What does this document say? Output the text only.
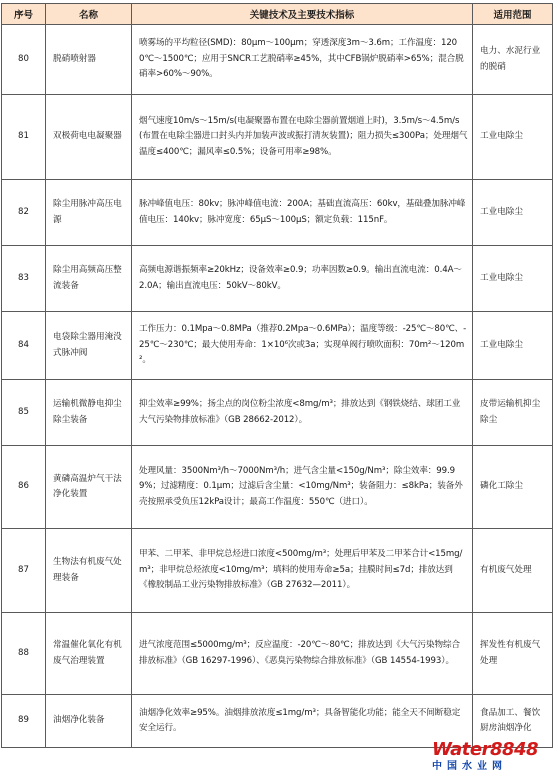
序号	名称	关键技术及主要技术指标	适用范围
80	脱硝喷射器	喷雾场的平均粒径(SMD)：80μm～100μm；穿透深度3m～3.6m；工作温度：1200℃～1500℃；应用于SNCR工艺脱硝率≥45%，其中CFB锅炉脱硝率>65%；混合脱硝率>60%～90%。	电力、水泥行业的脱硝
81	双极荷电电凝聚器	烟气速度10m/s～15m/s(电凝聚器布置在电除尘器前置烟道上时)，3.5m/s～4.5m/s(布置在电除尘器进口封头内并加装声波或振打清灰装置)；阻力损失≤300Pa；处理烟气温度≤400℃；漏风率≤0.5%；设备可用率≥98%。	工业电除尘
82	除尘用脉冲高压电源	脉冲峰值电压：80kv；脉冲峰值电流：200A；基础直流高压：60kv，基础叠加脉冲峰值电压：140kv；脉冲宽度：65μS～100μS；额定负载：115nF。	工业电除尘
83	除尘用高频高压整流装备	高频电源谐振频率≥20kHz；设备效率≥0.9；功率因数≥0.9。输出直流电流：0.4A～2.0A；输出直流电压：50kV～80kV。	工业电除尘
84	电袋除尘器用淹没式脉冲阀	工作压力：0.1Mpa～0.8MPa（推荐0.2Mpa～0.6MPa）；温度等级：-25℃～80℃、-25℃～230℃；最大使用寿命：1×10⁶次或3a；实现单阀行喷吹面积：70m²～120m²。	工业电除尘
85	运输机微静电抑尘除尘装备	抑尘效率≥99%；扬尘点的岗位粉尘浓度<8mg/m³；排放达到《钢铁烧结、球团工业大气污染物排放标准》（GB 28662-2012）。	皮带运输机抑尘除尘
86	黄磷高温炉气干法净化装置	处理风量：3500Nm³/h～7000Nm³/h；进气含尘量<150g/Nm³；除尘效率：99.99%；过滤精度：0.1μm；过滤后含尘量：<10mg/Nm³；装备阻力：≤8kPa；装备外壳按照承受负压12kPa设计；最高工作温度：550℃（进口）。	磷化工除尘
87	生物法有机废气处理装备	甲苯、二甲苯、非甲烷总烃进口浓度<500mg/m³；处理后甲苯及二甲苯合计<15mg/m³；非甲烷总烃浓度<10mg/m³；填料的使用寿命≥5a；挂膜时间≤7d；排放达到《橡胶制品工业污染物排放标准》（GB 27632—2011）。	有机废气处理
88	常温催化氧化有机废气治理装置	进气浓度范围≤5000mg/m³；反应温度：-20℃～80℃；排放达到《大气污染物综合排放标准》（GB 16297-1996）、《恶臭污染物综合排放标准》（GB 14554-1993）。	挥发性有机废气处理
89	油烟净化装备	油烟净化效率≥95%。油烟排放浓度≤1mg/m³；具备智能化功能；能全天不间断稳定安全运行。	食品加工、餐饮厨房油烟净化
Water8848
中国水业网
